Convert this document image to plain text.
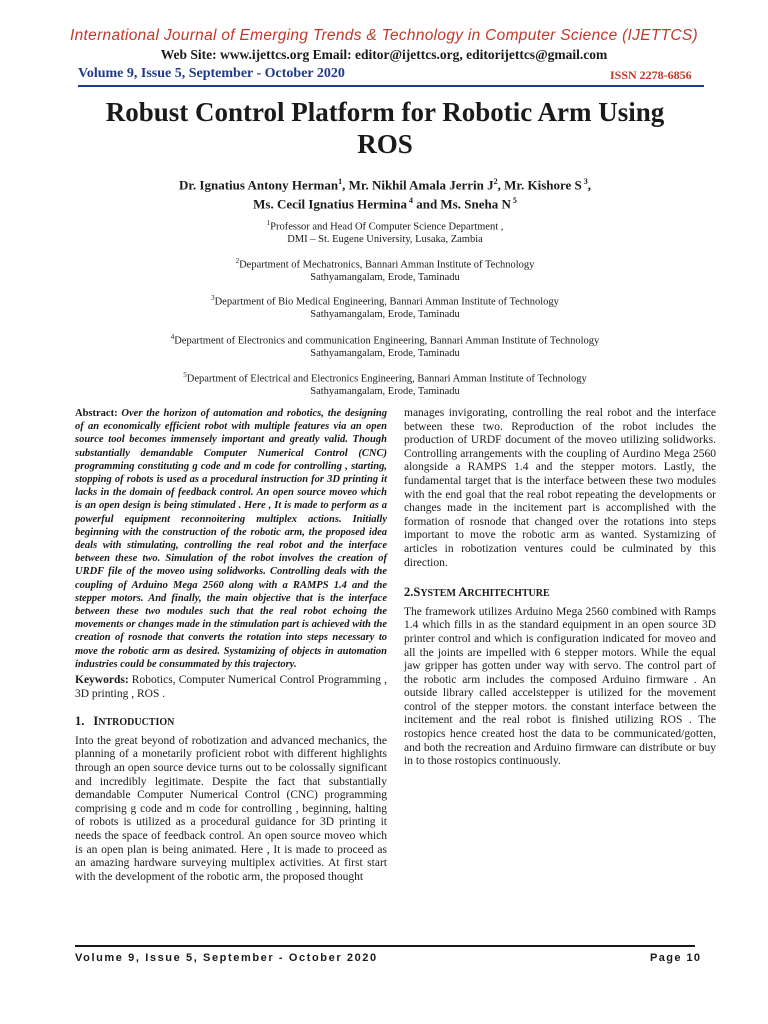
International Journal of Emerging Trends & Technology in Computer Science (IJETTCS)
Web Site: www.ijettcs.org Email: editor@ijettcs.org, editorijettcs@gmail.com
Volume 9, Issue 5, September - October 2020	ISSN 2278-6856
Robust Control Platform for Robotic Arm Using
ROS
Dr. Ignatius Antony Herman$^1$, Mr. Nikhil Amala Jerrin $J^2$, Mr. Kishore S $^3$,
Ms. Cecil Ignatius Hermina $^4$ and Ms. Sneha N $^5$
$^1$Professor and Head Of Computer Science Department ,
DMI – St. Eugene University, Lusaka, Zambia
$^2$Department of Mechatronics, Bannari Amman Institute of Technology
Sathyamangalam, Erode, Taminadu
$^3$Department of Bio Medical Engineering, Bannari Amman Institute of Technology
Sathyamangalam, Erode, Taminadu
$^4$Department of Electronics and communication Engineering, Bannari Amman Institute of Technology
Sathyamangalam, Erode, Taminadu
$^5$Department of Electrical and Electronics Engineering, Bannari Amman Institute of Technology
Sathyamangalam, Erode, Taminadu

Abstract: Over the horizon of automation and robotics, the designing of an economically efficient robot with multiple features via an open source tool becomes immensely important and greatly valid. Though substantially demandable Computer Numerical Control (CNC) programming constituting g code and m code for controlling , starting, stopping of robots is used as a procedural instruction for 3D printing it lacks in the domain of feedback control. An open source moveo which is an open design is being stimulated . Here , It is made to perform as a powerful equipment reconnoitering multiplex actions. Initially beginning with the construction of the robotic arm, the proposed idea deals with stimulating, controlling the real robot and the interface between these two. Simulation of the robot involves the creation of URDF file of the moveo using solidworks. Controlling deals with the coupling of Arduino Mega 2560 along with a RAMPS 1.4 and the stepper motors. And finally, the main objective that is the interface between these two modules such that the real robot echoing the movements or changes made in the stimulation part is achieved with the creation of rosnode that converts the rotation into steps necessary to move the robotic arm as desired. Systamizing of objects in automation industries could be consummated by this trajectory.

Keywords: Robotics, Computer Numerical Control Programming , 3D printing , ROS .

1. INTRODUCTION

Into the great beyond of robotization and advanced mechanics, the planning of a monetarily proficient robot with different highlights through an open source device turns out to be colossally significant and incredibly legitimate. Despite the fact that substantially demandable Computer Numerical Control (CNC) programming comprising g code and m code for controlling , beginning, halting of robots is utilized as a procedural guidance for 3D printing it needs the space of feedback control. An open source moveo which is an open plan is being animated. Here , It is made to proceed as an amazing hardware surveying multiplex activities. At first start with the development of the robotic arm, the proposed thought

manages invigorating, controlling the real robot and the interface between these two. Reproduction of the robot includes the production of URDF document of the moveo utilizing solidworks. Controlling arrangements with the coupling of Aurdino Mega 2560 alongside a RAMPS 1.4 and the stepper motors. Lastly, the fundamental target that is the interface between these two modules with the end goal that the real robot repeating the developments or changes made in the incitement part is accomplished with the formation of rosnode that changed over the rotations into steps important to move the robotic arm as wanted. Systamizing of articles in robotization ventures could be culminated by this direction.

2.SYSTEM ARCHITECHTURE

The framework utilizes Arduino Mega 2560 combined with Ramps 1.4 which fills in as the standard equipment in an open source 3D printer control and which is configuration indicated for moveo and all the joints are impelled with 6 stepper motors. While the equal jaw gripper has gotten under way with servo. The control part of the robotic arm includes the composed Arduino firmware . An outside library called accelstepper is utilized for the movement control of the stepper motors. the constant interface between the incitement and the real robot is finished utilizing ROS . The rostopics hence created host the data to be communicated/gotten, and both the recreation and Arduino firmware can distribute or buy in to those rostopics continuously.

Volume 9, Issue 5, September - October 2020	Page 10
